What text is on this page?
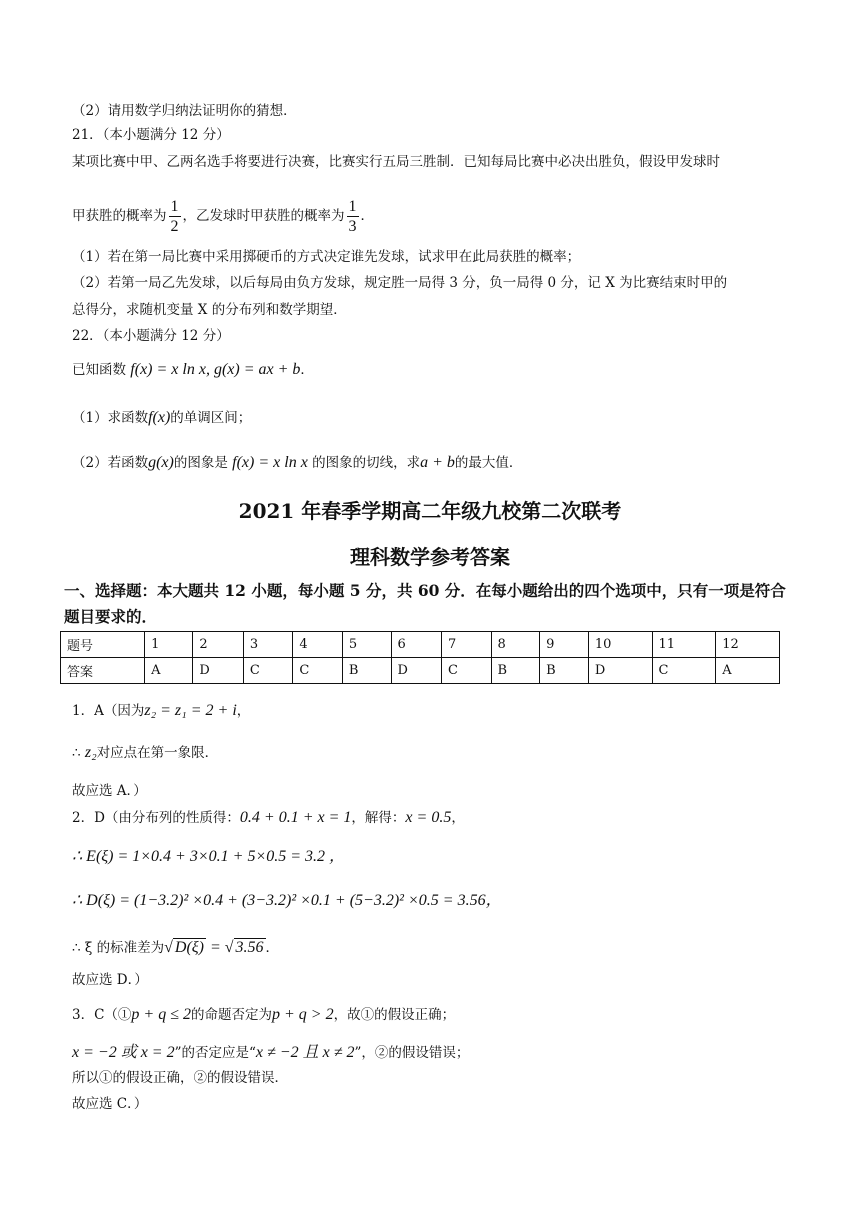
（2）请用数学归纳法证明你的猜想．
21．（本小题满分 12 分）
某项比赛中甲、乙两名选手将要进行决赛，比赛实行五局三胜制．已知每局比赛中必决出胜负，假设甲发球时
甲获胜的概率为 $\frac{1}{2}$ ，乙发球时甲获胜的概率为 $\frac{1}{3}$ ．
（1）若在第一局比赛中采用掷硬币的方式决定谁先发球，试求甲在此局获胜的概率；
（2）若第一局乙先发球，以后每局由负方发球，规定胜一局得 3 分，负一局得 0 分，记 X 为比赛结束时甲的
总得分，求随机变量 X 的分布列和数学期望．
22．（本小题满分 12 分）
已知函数 f(x) = x ln x, g(x) = ax + b．
（1）求函数f(x)的单调区间；
（2）若函数g(x)的图象是 f(x) = x ln x 的图象的切线，求a + b的最大值．
2021 年春季学期高二年级九校第二次联考
理科数学参考答案
一、选择题：本大题共 12 小题，每小题 5 分，共 60 分．在每小题给出的四个选项中，只有一项是符合题目要求的．
题号	1	2	3	4	5	6	7	8	9	10	11	12
答案	A	D	C	C	B	D	C	B	B	D	C	A
1．A（因为z₂ = z₁ = 2 + i，
∴ z₂对应点在第一象限．
故应选 A．）
2．D（由分布列的性质得：0.4 + 0.1 + x = 1，解得：x = 0.5，
∴ E(ξ) = 1×0.4 + 3×0.1 + 5×0.5 = 3.2 ，
∴ D(ξ) = (1−3.2)² ×0.4 + (3−3.2)² ×0.1 + (5−3.2)² ×0.5 = 3.56，
∴ ξ 的标准差为√ D(ξ) = √ 3.56 ．
故应选 D．）
3．C（①p + q ≤ 2的命题否定为p + q > 2，故①的假设正确；
x = −2 或 x = 2”的否定应是“x ≠ −2 且 x ≠ 2”，②的假设错误；
所以①的假设正确，②的假设错误．
故应选 C．）
